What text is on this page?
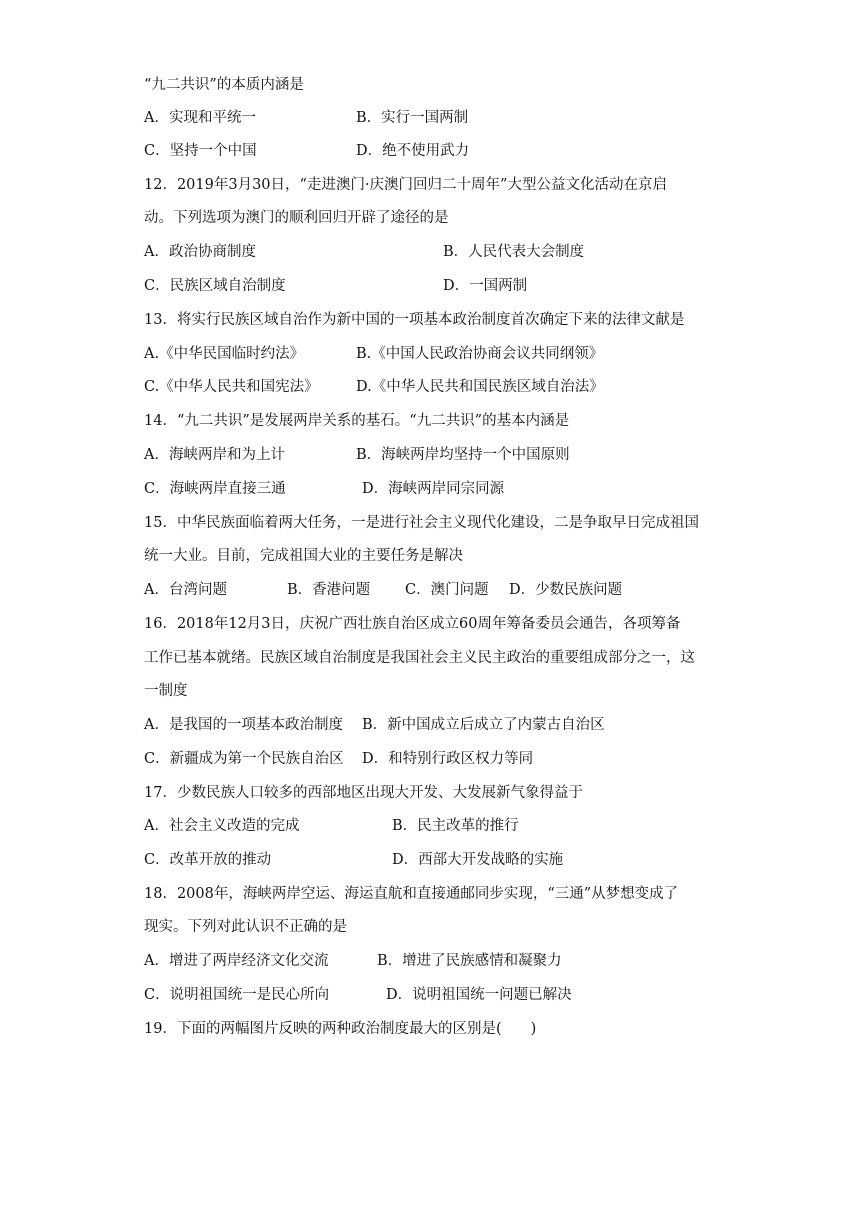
“九二共识”的本质内涵是
A．实现和平统一	B．实行一国两制
C．坚持一个中国	D．绝不使用武力
12．2019年3月30日，“走进澳门·庆澳门回归二十周年”大型公益文化活动在京启
动。下列选项为澳门的顺利回归开辟了途径的是
A．政治协商制度	B．人民代表大会制度
C．民族区域自治制度	D．一国两制
13．将实行民族区域自治作为新中国的一项基本政治制度首次确定下来的法律文献是
A.《中华民国临时约法》	B.《中国人民政治协商会议共同纲领》
C.《中华人民共和国宪法》	D.《中华人民共和国民族区域自治法》
14．“九二共识”是发展两岸关系的基石。“九二共识”的基本内涵是
A．海峡两岸和为上计	B．海峡两岸均坚持一个中国原则
C．海峡两岸直接三通	D．海峡两岸同宗同源
15．中华民族面临着两大任务，一是进行社会主义现代化建设，二是争取早日完成祖国
统一大业。目前，完成祖国大业的主要任务是解决
A．台湾问题	B．香港问题 C．澳门问题 D．少数民族问题
16．2018年12月3日，庆祝广西壮族自治区成立60周年筹备委员会通告，各项筹备
工作已基本就绪。民族区域自治制度是我国社会主义民主政治的重要组成部分之一，这
一制度
A．是我国的一项基本政治制度 B．新中国成立后成立了内蒙古自治区
C．新疆成为第一个民族自治区 D．和特别行政区权力等同
17．少数民族人口较多的西部地区出现大开发、大发展新气象得益于
A．社会主义改造的完成	B．民主改革的推行
C．改革开放的推动	D．西部大开发战略的实施
18．2008年，海峡两岸空运、海运直航和直接通邮同步实现，“三通”从梦想变成了
现实。下列对此认识不正确的是
A．增进了两岸经济文化交流	B．增进了民族感情和凝聚力
C．说明祖国统一是民心所向	D．说明祖国统一问题已解决
19．下面的两幅图片反映的两种政治制度最大的区别是(　　)
